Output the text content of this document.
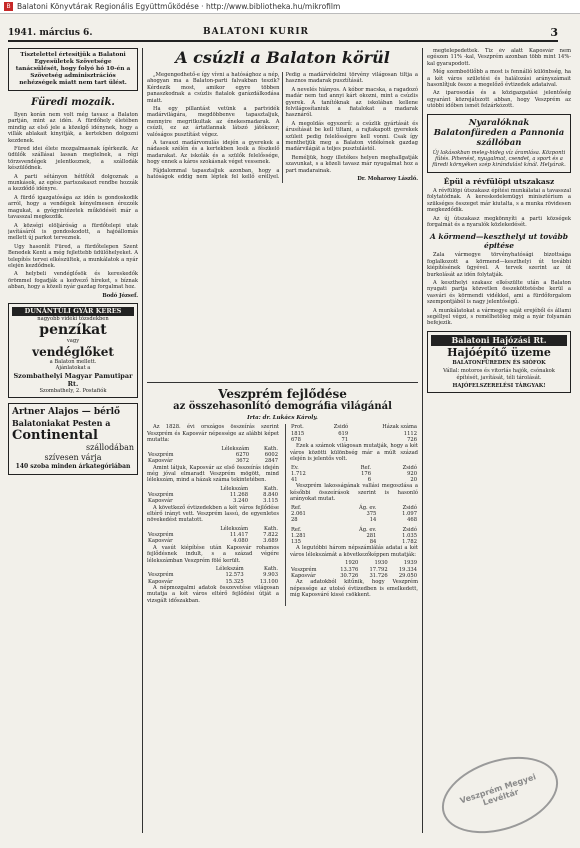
B Balatoni Könyvtárak Regionális Együttműködése · http://www.bibliotheka.hu/mikrofilm
1941. március 6.	BALATONI KURIR	3
Tisztelettel értesítjük a Balatoni Egyesületek Szövetsége tanácsülését, hogy folyó hó 10-én a Szövetség adminisztrációs nehézségek miatt nem tart ülést.
Füredi mozaik.

Ilyen korán nem volt még tavasz a Balaton partján, mint az idén. A fürdőhely életében mindig az első jele a közelgő idénynek, hogy a villák ablakait kinyitják, a kertekben dolgozni kezdenek.

Füred idei élete mozgalmasnak ígérkezik. Az üdülők szállásai lassan megtelnek, a régi törzsvendégek jelentkeznek, a szállodák készülődnek.

A parti sétányon hétfőtől dolgoznak a munkások, az egész partszakaszt rendbe hozzák a kezdődő idényre.

A fürdő igazgatósága az idén is gondoskodik arról, hogy a vendégek kényelmesen érezzék magukat, a gyógyintézetek működését már a tavasszal megkezdik.

A községi elöljáróság a fürdőtelepi utak javításáról is gondoskodott, a hajóállomás mellett új parkot terveznek.

Ugy hasonlít Füred, a fürdőtelepen Szent Benedek Kenti a még fejlettebb üdülőhelyeket. A telepítés tervei elkészültek, a munkálatok a nyár elején kezdődnek.

A helybeli vendéglősök és kereskedők örömmel fogadják a kedvező híreket, s bíznak abban, hogy a közeli nyár gazdag forgalmat hoz.

Bodó József.
DUNÁNTÚLI GYÁR KERES
nagyobb vidéki tőzsdekben
penzíkat
vagy
vendéglőket
a Balaton mellett.
Ajánlatokat a
Szombathelyi Magyar Pamutipar Rt.
Szombathely, 2. Postafiók
Artner Alajos — bérlő
Balatoniakat Pesten a
Continental
szállodában
szívesen várja
140 szoba minden árkategóriában
A csúzli a Balaton körül

„Megengedhető-e így vívni a hatósághoz a nép, ahogyan ma a Balaton-parti falvakban teszik? Kérdezik most, amikor egyre többen panaszkodnak a csúzlis fiatalok garázdálkodása miatt.

Ha egy pillantást vetünk a partvidék madárvilágára, megdöbbenve tapasztaljuk, mennyire megritkultak az énekesmadarak. A csúzli, ez az ártatlannak látszó játékszer, valóságos pusztítást végez.

A tavaszi madárvonulás idején a gyerekek a nádasok szélén és a kertekben lesik a fészkelő madarakat. Az iskolák és a szülők felelőssége, hogy ennek a káros szokásnak véget vessenek.

Fájdalommal tapasztaljuk azonban, hogy a hatóságok eddig nem léptek fel kellő eréllyel. Pedig a madárvédelmi törvény világosan tiltja a hasznos madarak pusztítását.

A nevelés hiányos. A kóbor macska, a ragadozó madár nem tud annyi kárt okozni, mint a csúzlis gyerek. A tanítóknak az iskolában kellene felvilágosítaniuk a fiatalokat a madarak hasznáról.

A megoldás egyszerű: a csúzlik gyártását és árusítását be kell tiltani, a rajtakapott gyerekek szüleit pedig felelősségre kell vonni. Csak így menthetjük meg a Balaton vidékének gazdag madárvilágát a teljes pusztulástól.

Reméljük, hogy illetékes helyen meghallgatják szavunkat, s a közeli tavasz már nyugalmat hoz a part madarainak.

Dr. Moharosy László.
Veszprém fejlődése
az összehasonlító demográfia világánál
Irta: dr. Lukács Károly.

Az 1828. évi országos összeírás szerint Veszprém és Kaposvár népessége az alábbi képet mutatta:

	Lélekszám	Kath.
Veszprém	6270	6002
Kaposvár	3672	2847

Amint látjuk, Kaposvár az első összeírás idején még jóval elmaradt Veszprém mögött, mind lélekszám, mind a házak száma tekintetében.

	Lélekszám	Kath.
Veszprém	11.268	8.840
Kaposvár	3.240	3.115

A következő évtizedekben a két város fejlődése eltérő irányt vett. Veszprém lassú, de egyenletes növekedést mutatott.

	Lélekszám	Kath.
Veszprém	11.417	7.822
Kaposvár	4.080	3.689

A vasút kiépítése után Kaposvár rohamos fejlődésnek indult, s a század végére lélekszámban Veszprém fölé került.

	Lélekszám	Kath.
Veszprém	12.573	9.903
Kaposvár	15.325	13.100

A népmozgalmi adatok összevetése világosan mutatja a két város eltérő fejlődési útját a vizsgált időszakban.

Prot.	Zsidó	Házak száma
1815	619	1112
678	71	726

Ezek a számok világosan mutatják, hogy a két város közötti különbség már a múlt század elején is jelentős volt.

Ev.	Ref.	Zsidó
1.712	176	920
41	6	20

Veszprém lakosságának vallási megoszlása a későbbi összeírások szerint is hasonló arányokat mutat.

Ref.	Ág. ev.	Zsidó
2.061	375	1.097
28	14	468
Ref.	Ág. ev.	Zsidó
1.281	281	1.035
135	84	1.782

A legutóbbi három népszámlálás adatai a két város lélekszámát a következőképpen mutatják:

	1920	1930	1939
Veszprém	13.376	17.792	19.334
Kaposvár	30.726	31.726	29.050

Az adatokból kitűnik, hogy Veszprém népessége az utolsó évtizedben is emelkedett, míg Kaposváré kissé csökkent.

megtelepedettek. Tiz év alatt Kaposvár nem egészen 11% -kal, Veszprém azonban több mint 14%-kal gyarapodott.

Még szembeötlőbb a most is fennálló különbség, ha a két város születési és halálozási arányszámait hasonlítjuk össze a megelőző évtizedek adataival.

Az iparosodás és a közigazgatási jelentőség egyaránt közrejátszott abban, hogy Veszprém az utóbbi időben ismét felzárkózott.

Nyaralóknak Balatonfüreden a Pannonia szállóban
Új lakásokban meleg-hideg víz áramlása. Központi fűtés. Pihenést, nyugalmat, csendet, a sport és a füredi környéken szép kirándulást kínál. Helyárak.
Épül a révfülöpi utszakasz

A révfülöpi útszakasz építési munkálatai a tavasszal folytatódnak. A kereskedelemügyi minisztérium a szükséges összeget már kiutalta, s a munka rövidesen megkezdődik.

Az új útszakasz megkönnyíti a parti községek forgalmát és a nyaralók közlekedését.

A körmend—keszthelyi ut tovább épitése

Zala vármegye törvényhatósági bizottsága foglalkozott a körmend—keszthelyi út további kiépítésének ügyével. A tervek szerint az út burkolását az idén folytatják.

A keszthelyi szakasz elkészülte után a Balaton nyugati partja közvetlen összeköttetésbe kerül a vasvári és körmendi vidékkel, ami a fürdőforgalom szempontjából is nagy jelentőségű.

A munkálatokat a vármegye saját erejéből és állami segéllyel végzi, s remélhetőleg még a nyár folyamán befejezik.

Balatoni Hajózási Rt.
Hajóépítő üzeme
BALATONFÜREDEN ÉS SIÓFOK
Vállal: motoros és vitorlás hajók, csónakok építését, javítását, téli tárolását.
HAJÓFELSZERELÉSI TÁRGYAK!
Veszprém Megyei Levéltár
